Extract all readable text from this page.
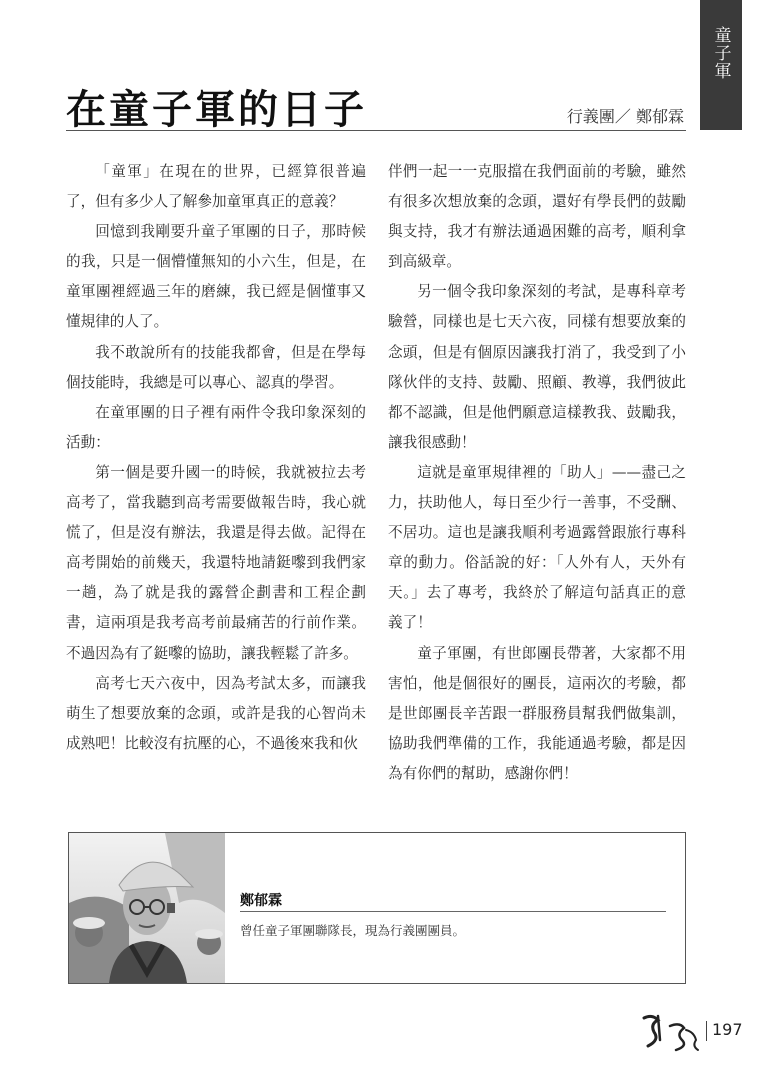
童子軍
在童子軍的日子	行義團／ 鄭郁霖

「童軍」在現在的世界，已經算很普遍了，但有多少人了解參加童軍真正的意義？

回憶到我剛要升童子軍團的日子，那時候的我，只是一個懵懂無知的小六生，但是，在童軍團裡經過三年的磨練，我已經是個懂事又懂規律的人了。

我不敢說所有的技能我都會，但是在學每個技能時，我總是可以專心、認真的學習。

在童軍團的日子裡有兩件令我印象深刻的活動：

第一個是要升國一的時候，我就被拉去考高考了，當我聽到高考需要做報告時，我心就慌了，但是沒有辦法，我還是得去做。記得在高考開始的前幾天，我還特地請鋌嚟到我們家一趟，為了就是我的露營企劃書和工程企劃書，這兩項是我考高考前最痛苦的行前作業。不過因為有了鋌嚟的協助，讓我輕鬆了許多。

高考七天六夜中，因為考試太多，而讓我萌生了想要放棄的念頭，或許是我的心智尚未成熟吧！比較沒有抗壓的心，不過後來我和伙

伴們一起一一克服擋在我們面前的考驗，雖然有很多次想放棄的念頭，還好有學長們的鼓勵與支持，我才有辦法通過困難的高考，順利拿到高級章。

另一個令我印象深刻的考試，是專科章考驗營，同樣也是七天六夜，同樣有想要放棄的念頭，但是有個原因讓我打消了，我受到了小隊伙伴的支持、鼓勵、照顧、教導，我們彼此都不認識，但是他們願意這樣教我、鼓勵我，讓我很感動！

這就是童軍規律裡的「助人」——盡己之力，扶助他人，每日至少行一善事，不受酬、不居功。這也是讓我順利考過露營跟旅行專科章的動力。俗話說的好：「人外有人，天外有天。」去了專考，我終於了解這句話真正的意義了！

童子軍團，有世郎團長帶著，大家都不用害怕，他是個很好的團長，這兩次的考驗，都是世郎團長辛苦跟一群服務員幫我們做集訓，協助我們準備的工作，我能通過考驗，都是因為有你們的幫助，感謝你們！

鄭郁霖
曾任童子軍團聯隊長，現為行義團團員。
197
